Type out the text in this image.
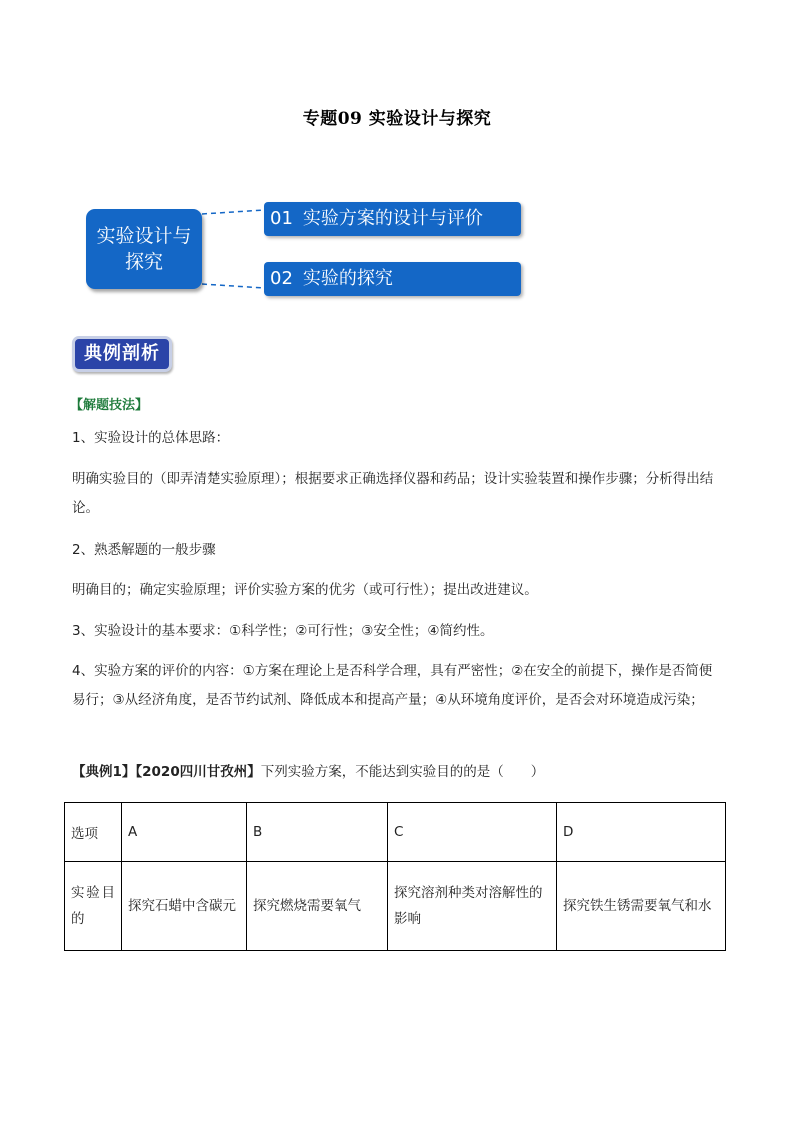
专题09 实验设计与探究
实验设计与
探究
01 实验方案的设计与评价
02 实验的探究
典例剖析
【解题技法】

1、实验设计的总体思路：

明确实验目的（即弄清楚实验原理）；根据要求正确选择仪器和药品；设计实验装置和操作步骤；分析得出结论。

2、熟悉解题的一般步骤

明确目的；确定实验原理；评价实验方案的优劣（或可行性）；提出改进建议。

3、实验设计的基本要求：①科学性；②可行性；③安全性；④简约性。

4、实验方案的评价的内容：①方案在理论上是否科学合理，具有严密性；②在安全的前提下，操作是否简便易行；③从经济角度，是否节约试剂、降低成本和提高产量；④从环境角度评价，是否会对环境造成污染；

【典例1】【2020四川甘孜州】下列实验方案，不能达到实验目的的是（　　）
选项	A	B	C	D
实验目的	探究石蜡中含碳元	探究燃烧需要氧气	探究溶剂种类对溶解性的影响	探究铁生锈需要氧气和水
